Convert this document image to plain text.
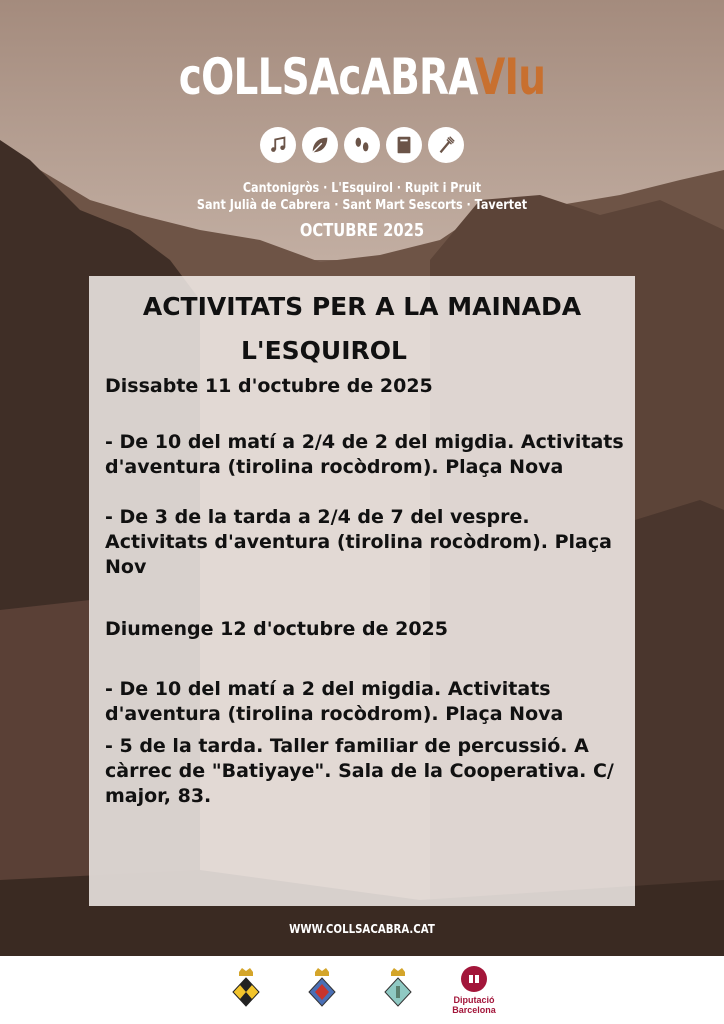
cOLLSAcABRAVIu
Cantonigròs · L'Esquirol · Rupit i Pruit
Sant Julià de Cabrera · Sant Mart Sescorts · Tavertet
OCTUBRE 2025
ACTIVITATS PER A LA MAINADA
L'ESQUIROL
Dissabte 11 d'octubre de 2025
- De 10 del matí a 2/4 de 2 del migdia. Activitats d'aventura (tirolina rocòdrom). Plaça Nova
- De 3 de la tarda a 2/4 de 7 del vespre. Activitats d'aventura (tirolina rocòdrom). Plaça Nov
Diumenge 12 d'octubre de 2025
- De 10 del matí a 2 del migdia. Activitats d'aventura (tirolina rocòdrom). Plaça Nova
- 5 de la tarda. Taller familiar de percussió. A càrrec de "Batiyaye". Sala de la Cooperativa. C/ major, 83.
WWW.COLLSACABRA.CAT
Diputació
Barcelona
